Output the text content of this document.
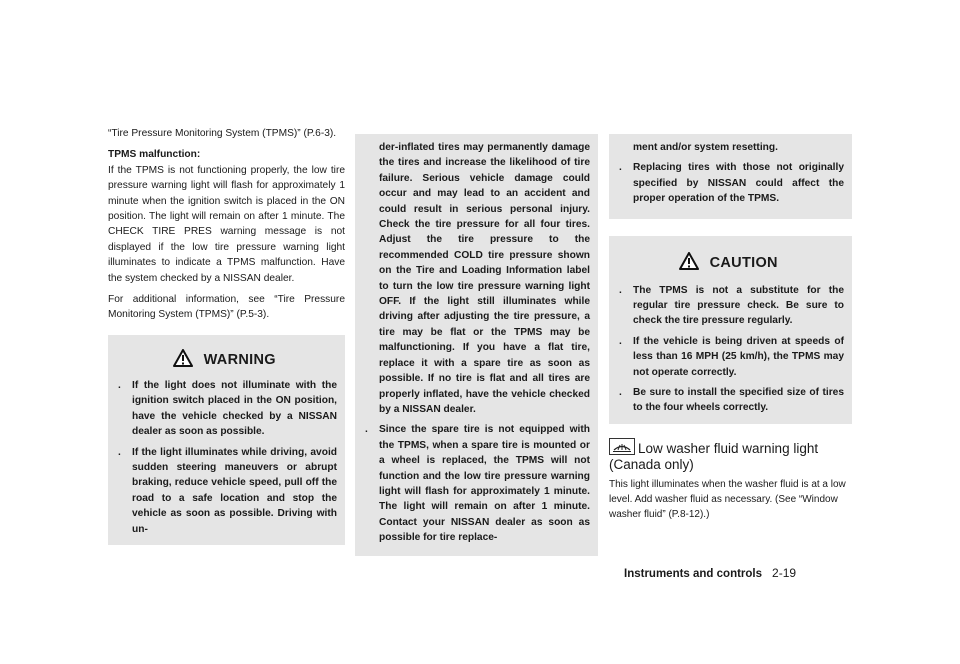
“Tire Pressure Monitoring System (TPMS)” (P.6-3).

TPMS malfunction:

If the TPMS is not functioning properly, the low tire pressure warning light will flash for approximately 1 minute when the ignition switch is placed in the ON position. The light will remain on after 1 minute. The CHECK TIRE PRES warning message is not displayed if the low tire pressure warning light illuminates to indicate a TPMS malfunction. Have the system checked by a NISSAN dealer.

For additional information, see “Tire Pressure Monitoring System (TPMS)” (P.5-3).

WARNING
.	If the light does not illuminate with the ignition switch placed in the ON position, have the vehicle checked by a NISSAN dealer as soon as possible.
.	If the light illuminates while driving, avoid sudden steering maneuvers or abrupt braking, reduce vehicle speed, pull off the road to a safe location and stop the vehicle as soon as possible. Driving with un-
der-inflated tires may permanently damage the tires and increase the likelihood of tire failure. Serious vehicle damage could occur and may lead to an accident and could result in serious personal injury. Check the tire pressure for all four tires. Adjust the tire pressure to the recommended COLD tire pressure shown on the Tire and Loading Information label to turn the low tire pressure warning light OFF. If the light still illuminates while driving after adjusting the tire pressure, a tire may be flat or the TPMS may be malfunctioning. If you have a flat tire, replace it with a spare tire as soon as possible. If no tire is flat and all tires are properly inflated, have the vehicle checked by a NISSAN dealer.
.	Since the spare tire is not equipped with the TPMS, when a spare tire is mounted or a wheel is replaced, the TPMS will not function and the low tire pressure warning light will flash for approximately 1 minute. The light will remain on after 1 minute. Contact your NISSAN dealer as soon as possible for tire replace-
ment and/or system resetting.
.	Replacing tires with those not originally specified by NISSAN could affect the proper operation of the TPMS.
CAUTION
.	The TPMS is not a substitute for the regular tire pressure check. Be sure to check the tire pressure regularly.
.	If the vehicle is being driven at speeds of less than 16 MPH (25 km/h), the TPMS may not operate correctly.
.	Be sure to install the specified size of tires to the four wheels correctly.
Low washer fluid warning light (Canada only)

This light illuminates when the washer fluid is at a low level. Add washer fluid as necessary. (See “Window washer fluid” (P.8-12).)

Instruments and controls 2-19
